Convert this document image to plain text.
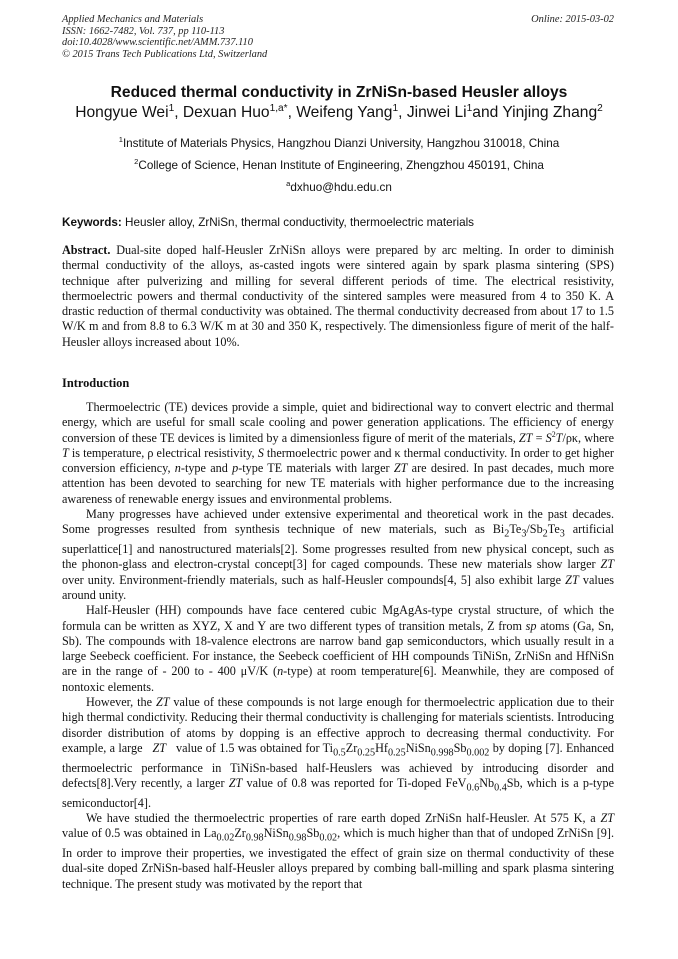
Applied Mechanics and Materials
ISSN: 1662-7482, Vol. 737, pp 110-113
doi:10.4028/www.scientific.net/AMM.737.110
© 2015 Trans Tech Publications Ltd, Switzerland
Online: 2015-03-02
Reduced thermal conductivity in ZrNiSn-based Heusler alloys
Hongyue Wei$^1$, Dexuan Huo$^{1,a*}$, Weifeng Yang$^1$, Jinwei Li$^1$and Yinjing Zhang$^2$
$^1$Institute of Materials Physics, Hangzhou Dianzi University, Hangzhou 310018, China
$^2$College of Science, Henan Institute of Engineering, Zhengzhou 450191, China
$^a$dxhuo@hdu.edu.cn
Keywords: Heusler alloy, ZrNiSn, thermal conductivity, thermoelectric materials

Abstract. Dual-site doped half-Heusler ZrNiSn alloys were prepared by arc melting. In order to diminish thermal conductivity of the alloys, as-casted ingots were sintered again by spark plasma sintering (SPS) technique after pulverizing and milling for several different periods of time. The electrical resistivity, thermoelectric powers and thermal conductivity of the sintered samples were measured from 4 to 350 K. A drastic reduction of thermal conductivity was obtained. The thermal conductivity decreased from about 17 to 1.5 W/K m and from 8.8 to 6.3 W/K m at 30 and 350 K, respectively. The dimensionless figure of merit of the half-Heusler alloys increased about 10%.

Introduction

Thermoelectric (TE) devices provide a simple, quiet and bidirectional way to convert electric and thermal energy, which are useful for small scale cooling and power generation applications. The efficiency of energy conversion of these TE devices is limited by a dimensionless figure of merit of the materials, ZT = $S^2T/\rho\kappa$, where T is temperature, ρ electrical resistivity, S thermoelectric power and κ thermal conductivity. In order to get higher conversion efficiency, n-type and p-type TE materials with larger ZT are desired. In past decades, much more attention has been devoted to searching for new TE materials with higher performance due to the increasing awareness of renewable energy issues and environmental problems.

Many progresses have achieved under extensive experimental and theoretical work in the past decades. Some progresses resulted from synthesis technique of new materials, such as $Bi_2Te_3/Sb_2Te_3$ artificial superlattice[1] and nanostructured materials[2]. Some progresses resulted from new physical concept, such as the phonon-glass and electron-crystal concept[3] for caged compounds. These new materials show larger ZT over unity. Environment-friendly materials, such as half-Heusler compounds[4, 5] also exhibit large ZT values around unity.

Half-Heusler (HH) compounds have face centered cubic MgAgAs-type crystal structure, of which the formula can be written as XYZ, X and Y are two different types of transition metals, Z from sp atoms (Ga, Sn, Sb). The compounds with 18-valence electrons are narrow band gap semiconductors, which usually result in a large Seebeck coefficient. For instance, the Seebeck coefficient of HH compounds TiNiSn, ZrNiSn and HfNiSn are in the range of - 200 to - 400 μV/K (n-type) at room temperature[6]. Meanwhile, they are composed of nontoxic elements.

However, the ZT value of these compounds is not large enough for thermoelectric application due to their high thermal condictivity. Reducing their thermal conductivity is challenging for materials scientists. Introducing disorder distribution of atoms by dopping is an effective approch to decreasing thermal conductivity. For example, a large   ZT   value of 1.5 was obtained for $Ti_{0.5}Zr_{0.25}Hf_{0.25}NiSn_{0.998}Sb_{0.002}$ by doping [7]. Enhanced thermoelectric performance in TiNiSn-based half-Heuslers was achieved by introducing disorder and defects[8].Very recently, a larger ZT value of 0.8 was reported for Ti-doped $FeV_{0.6}Nb_{0.4}Sb$, which is a p-type semiconductor[4].

We have studied the thermoelectric properties of rare earth doped ZrNiSn half-Heusler. At 575 K, a ZT value of 0.5 was obtained in $La_{0.02}Zr_{0.98}NiSn_{0.98}Sb_{0.02}$, which is much higher than that of undoped ZrNiSn [9]. In order to improve their properties, we investigated the effect of grain size on thermal conductivity of these dual-site doped ZrNiSn-based half-Heusler alloys prepared by combing ball-milling and spark plasma sintering technique. The present study was motivated by the report that
